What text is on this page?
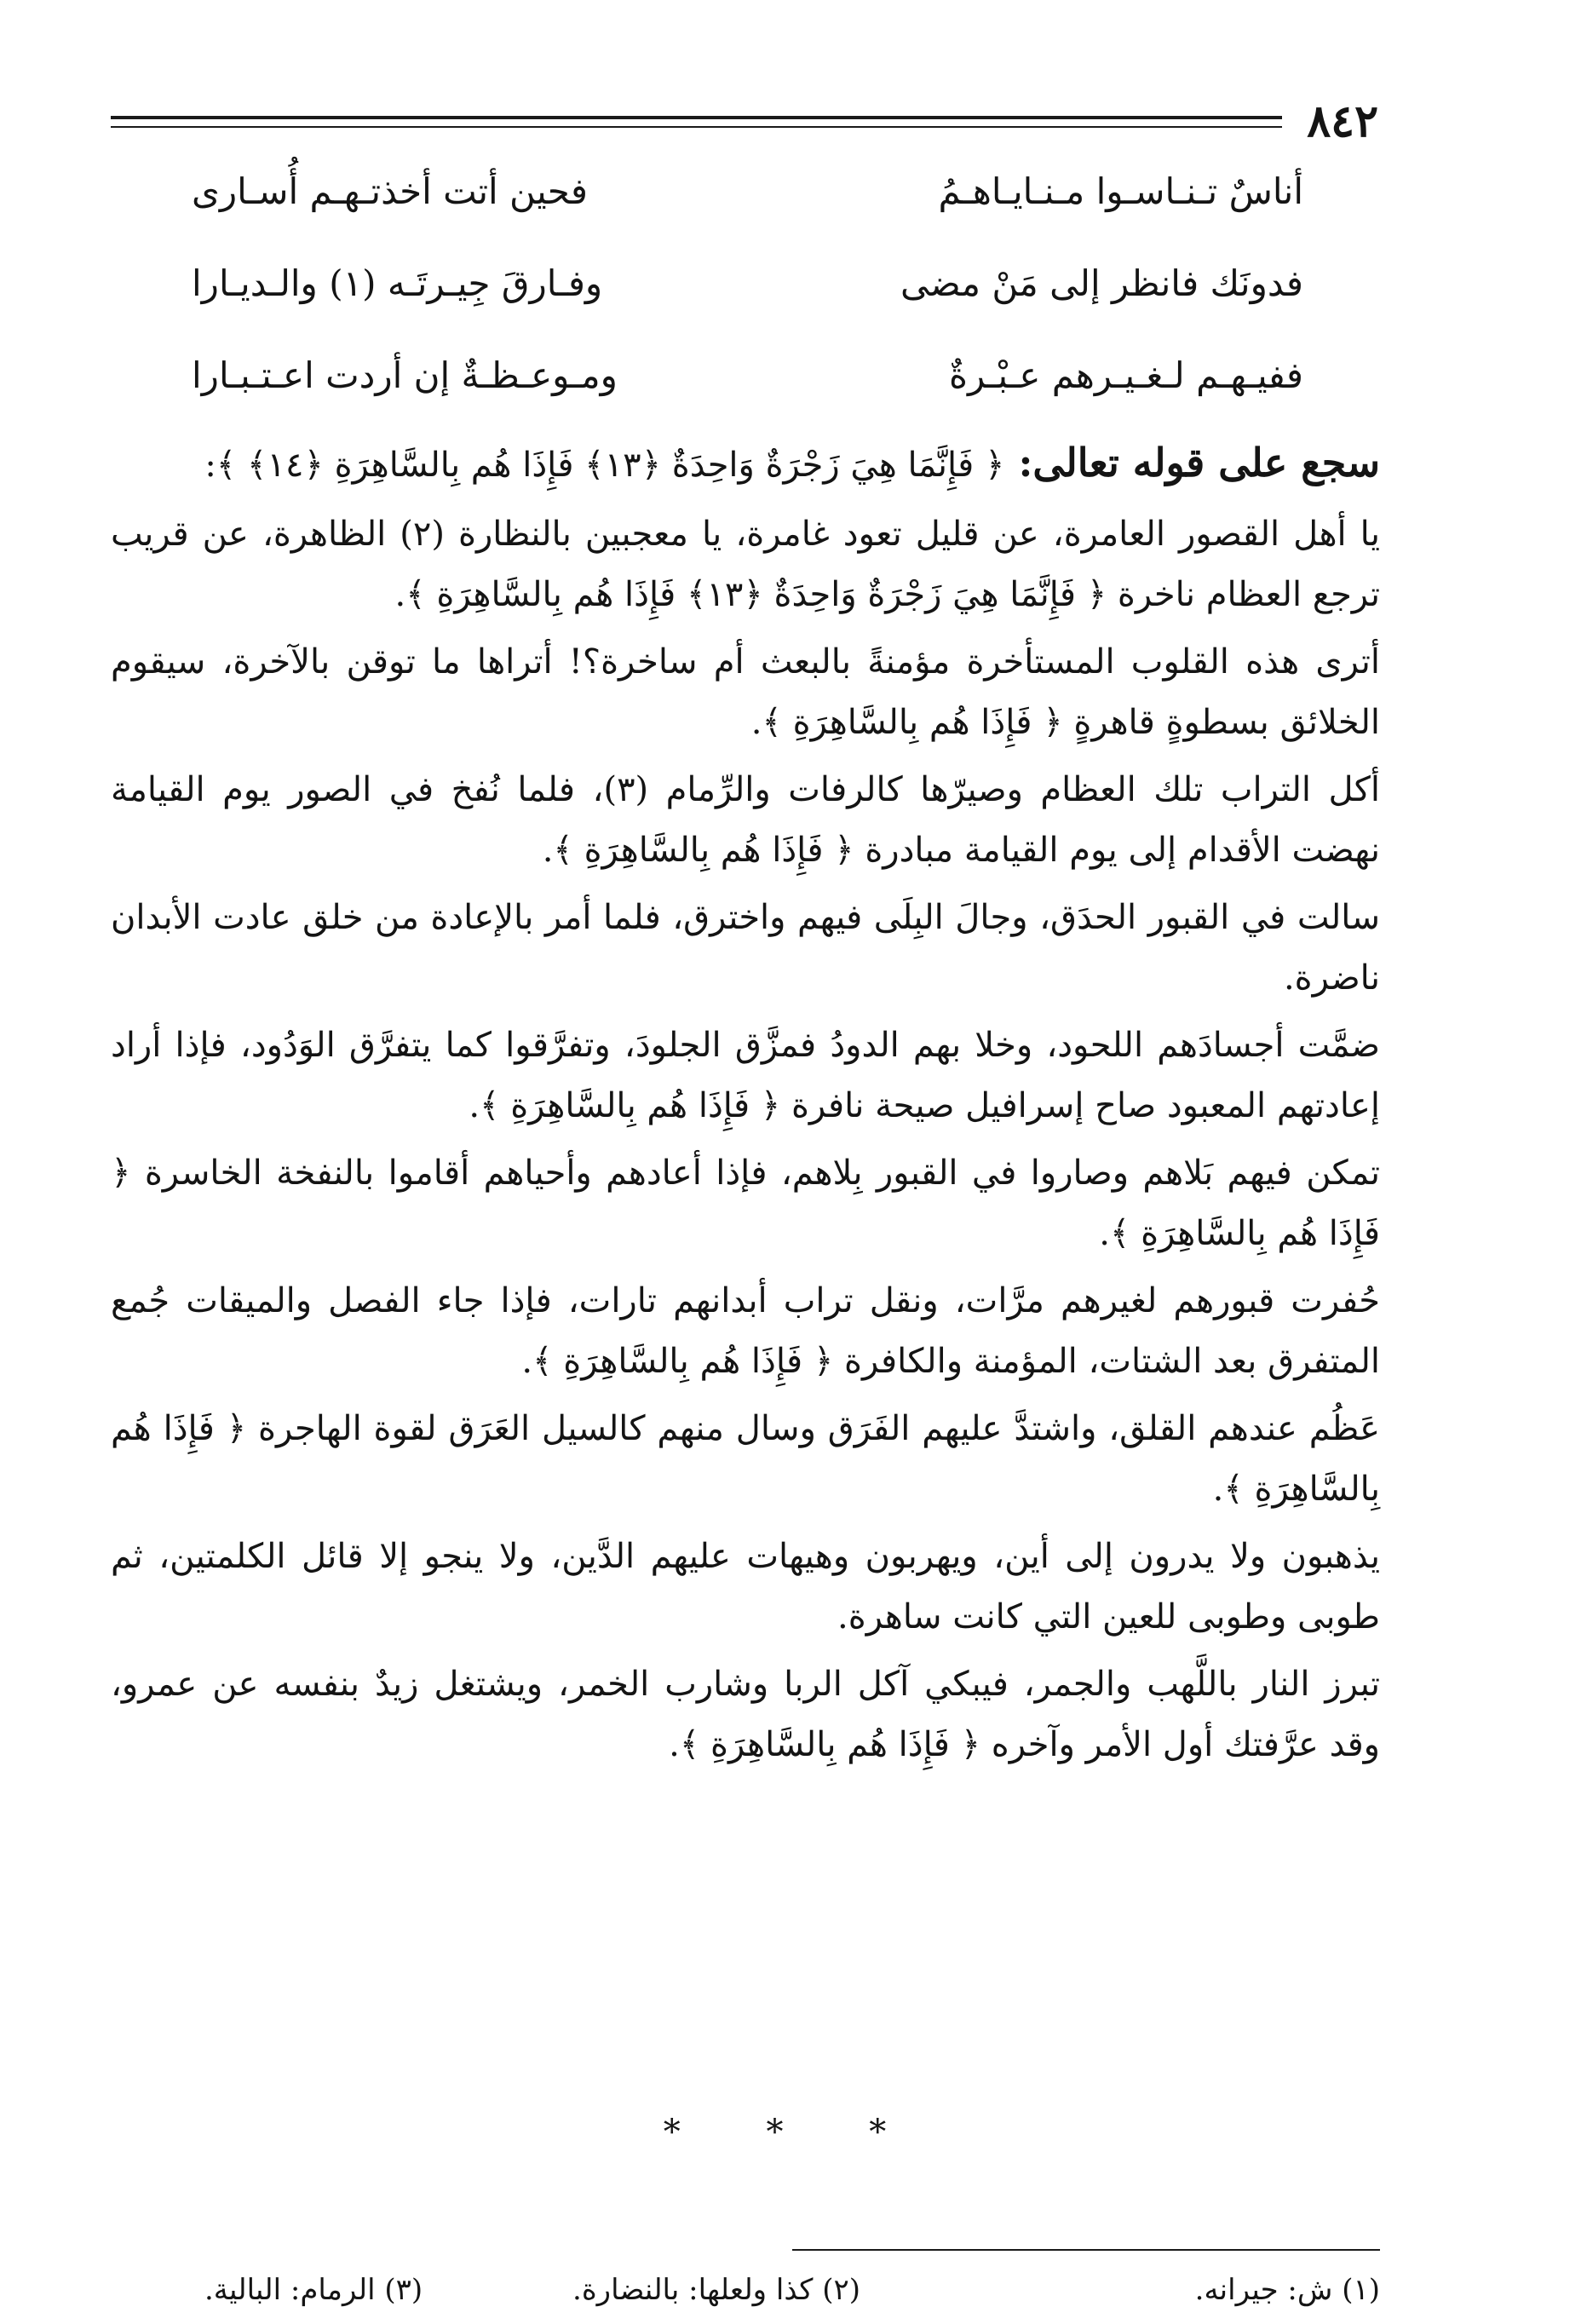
٨٤٢
أناسٌ تـنـاسـوا مـنـايـاهـمُ
فحين أتت أخذتـهـم أُسـارى
فدونَك فانظر إلى مَنْ مضى
وفـارقَ جِيـرتَـه (١) والـديـارا
ففيـهـم لـغـيـرهم عـبْـرةٌ
ومـوعـظـةٌ إن أردت اعـتـبـارا
سجع على قوله تعالى: ﴿ فَإِنَّمَا هِيَ زَجْرَةٌ وَاحِدَةٌ ﴿١٣﴾ فَإِذَا هُم بِالسَّاهِرَةِ ﴿١٤﴾ ﴾:

يا أهل القصور العامرة، عن قليل تعود غامرة، يا معجبين بالنظارة (٢) الظاهرة، عن قريب ترجع العظام ناخرة ﴿ فَإِنَّمَا هِيَ زَجْرَةٌ وَاحِدَةٌ ﴿١٣﴾ فَإِذَا هُم بِالسَّاهِرَةِ ﴾.

أترى هذه القلوب المستأخرة مؤمنةً بالبعث أم ساخرة؟! أتراها ما توقن بالآخرة، سيقوم الخلائق بسطوةٍ قاهرةٍ ﴿ فَإِذَا هُم بِالسَّاهِرَةِ ﴾.

أكل التراب تلك العظام وصيرّها كالرفات والرِّمام (٣)، فلما نُفخ في الصور يوم القيامة نهضت الأقدام إلى يوم القيامة مبادرة ﴿ فَإِذَا هُم بِالسَّاهِرَةِ ﴾.

سالت في القبور الحدَق، وجالَ البِلَى فيهم واخترق، فلما أمر بالإعادة من خلق عادت الأبدان ناضرة.

ضمَّت أجسادَهم اللحود، وخلا بهم الدودُ فمزَّق الجلودَ، وتفرَّقوا كما يتفرَّق الوَدُود، فإذا أراد إعادتهم المعبود صاح إسرافيل صيحة نافرة ﴿ فَإِذَا هُم بِالسَّاهِرَةِ ﴾.

تمكن فيهم بَلاهم وصاروا في القبور بِلاهم، فإذا أعادهم وأحياهم أقاموا بالنفخة الخاسرة ﴿ فَإِذَا هُم بِالسَّاهِرَةِ ﴾.

حُفرت قبورهم لغيرهم مرَّات، ونقل تراب أبدانهم تارات، فإذا جاء الفصل والميقات جُمع المتفرق بعد الشتات، المؤمنة والكافرة ﴿ فَإِذَا هُم بِالسَّاهِرَةِ ﴾.

عَظُم عندهم القلق، واشتدَّ عليهم الفَرَق وسال منهم كالسيل العَرَق لقوة الهاجرة ﴿ فَإِذَا هُم بِالسَّاهِرَةِ ﴾.

يذهبون ولا يدرون إلى أين، ويهربون وهيهات عليهم الدَّين، ولا ينجو إلا قائل الكلمتين، ثم طوبى وطوبى للعين التي كانت ساهرة.

تبرز النار باللَّهب والجمر، فيبكي آكل الربا وشارب الخمر، ويشتغل زيدٌ بنفسه عن عمرو، وقد عرَّفتك أول الأمر وآخره ﴿ فَإِذَا هُم بِالسَّاهِرَةِ ﴾.

* * *
(١) ش: جيرانه.
(٢) كذا ولعلها: بالنضارة.
(٣) الرمام: البالية.
